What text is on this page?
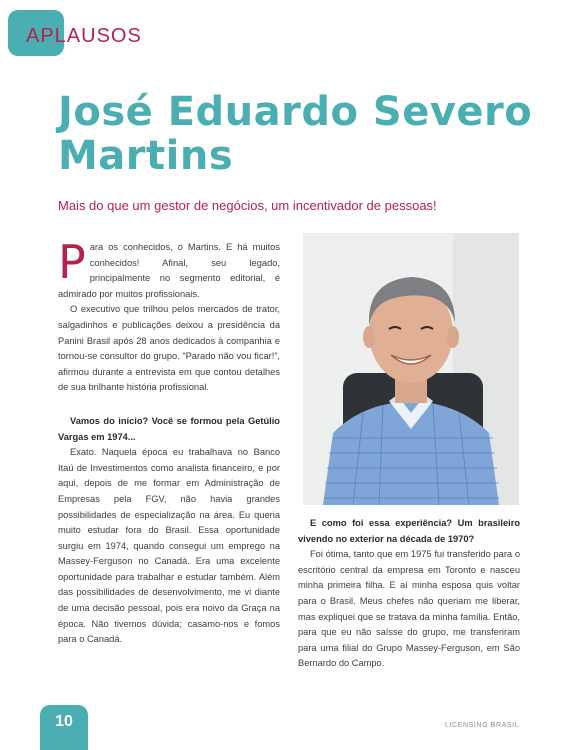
APLAUSOS
José Eduardo Severo Martins
Mais do que um gestor de negócios, um incentivador de pessoas!

Para os conhecidos, o Martins. E há muitos conhecidos! Afinal, seu legado, principalmente no segmento editorial, é admirado por muitos profissionais.

O executivo que trilhou pelos mercados de trator, salgadinhos e publicações deixou a presidência da Panini Brasil após 28 anos dedicados à companhia e tornou-se consultor do grupo. “Parado não vou ficar!”, afirmou durante a entrevista em que contou detalhes de sua brilhante história profissional.

Vamos do início? Você se formou pela Getúlio Vargas em 1974...

Exato. Naquela época eu trabalhava no Banco Itaú de Investimentos como analista financeiro, e por aqui, depois de me formar em Administração de Empresas pela FGV, não havia grandes possibilidades de especialização na área. Eu queria muito estudar fora do Brasil. Essa oportunidade surgiu em 1974, quando consegui um emprego na Massey-Ferguson no Canadá. Era uma excelente oportunidade para trabalhar e estudar também. Além das possibilidades de desenvolvimento, me vi diante de uma decisão pessoal, pois era noivo da Graça na época. Não tivemos dúvida; casamo-nos e fomos para o Canadá.

E como foi essa experiência? Um brasileiro vivendo no exterior na década de 1970?

Foi ótima, tanto que em 1975 fui transferido para o escritório central da empresa em Toronto e nasceu minha primeira filha. E aí minha esposa quis voltar para o Brasil. Meus chefes não queriam me liberar, mas expliquei que se tratava da minha família. Então, para que eu não saísse do grupo, me transferiram para uma filial do Grupo Massey-Ferguson, em São Bernardo do Campo.

10	LICENSING BRASIL
